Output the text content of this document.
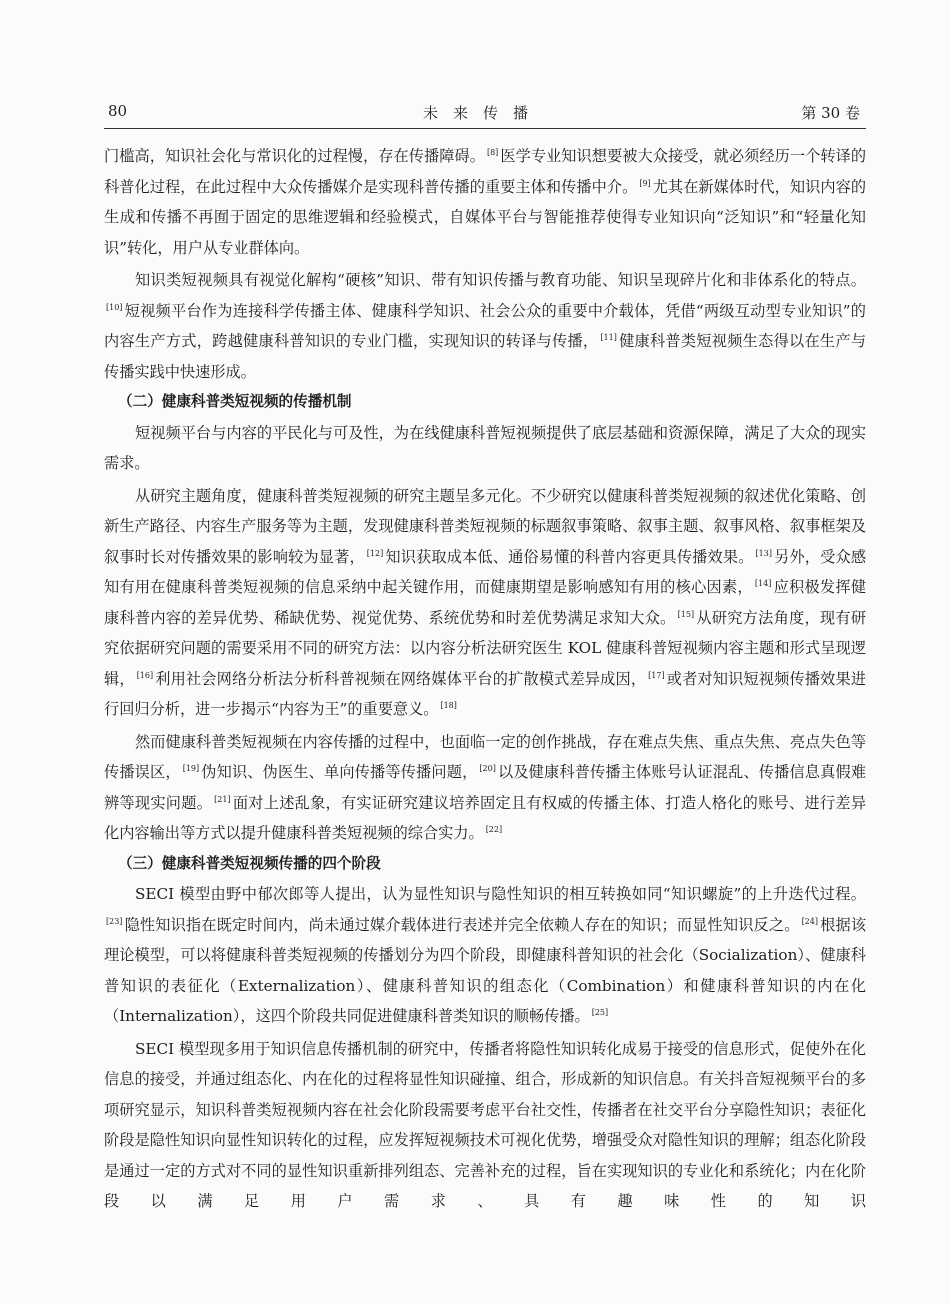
80	未来传播	第 30 卷

门槛高，知识社会化与常识化的过程慢，存在传播障碍。 [8] 医学专业知识想要被大众接受，就必须经历一个转译的科普化过程，在此过程中大众传播媒介是实现科普传播的重要主体和传播中介。 [9] 尤其在新媒体时代，知识内容的生成和传播不再囿于固定的思维逻辑和经验模式，自媒体平台与智能推荐使得专业知识向“泛知识”和“轻量化知识”转化，用户从专业群体向。

知识类短视频具有视觉化解构“硬核”知识、带有知识传播与教育功能、知识呈现碎片化和非体系化的特点。[10] 短视频平台作为连接科学传播主体、健康科学知识、社会公众的重要中介载体，凭借“两级互动型专业知识”的内容生产方式，跨越健康科普知识的专业门槛，实现知识的转译与传播， [11] 健康科普类短视频生态得以在生产与传播实践中快速形成。

（二）健康科普类短视频的传播机制

短视频平台与内容的平民化与可及性，为在线健康科普短视频提供了底层基础和资源保障，满足了大众的现实需求。

从研究主题角度，健康科普类短视频的研究主题呈多元化。不少研究以健康科普类短视频的叙述优化策略、创新生产路径、内容生产服务等为主题，发现健康科普类短视频的标题叙事策略、叙事主题、叙事风格、叙事框架及叙事时长对传播效果的影响较为显著， [12] 知识获取成本低、通俗易懂的科普内容更具传播效果。 [13] 另外，受众感知有用在健康科普类短视频的信息采纳中起关键作用，而健康期望是影响感知有用的核心因素， [14] 应积极发挥健康科普内容的差异优势、稀缺优势、视觉优势、系统优势和时差优势满足求知大众。 [15] 从研究方法角度，现有研究依据研究问题的需要采用不同的研究方法：以内容分析法研究医生 KOL 健康科普短视频内容主题和形式呈现逻辑， [16] 利用社会网络分析法分析科普视频在网络媒体平台的扩散模式差异成因， [17] 或者对知识短视频传播效果进行回归分析，进一步揭示“内容为王”的重要意义。 [18]

然而健康科普类短视频在内容传播的过程中，也面临一定的创作挑战，存在难点失焦、重点失焦、亮点失色等传播误区， [19] 伪知识、伪医生、单向传播等传播问题， [20] 以及健康科普传播主体账号认证混乱、传播信息真假难辨等现实问题。 [21] 面对上述乱象，有实证研究建议培养固定且有权威的传播主体、打造人格化的账号、进行差异化内容输出等方式以提升健康科普类短视频的综合实力。 [22]

（三）健康科普类短视频传播的四个阶段

SECI 模型由野中郁次郎等人提出，认为显性知识与隐性知识的相互转换如同“知识螺旋”的上升迭代过程。[23] 隐性知识指在既定时间内，尚未通过媒介载体进行表述并完全依赖人存在的知识；而显性知识反之。 [24] 根据该理论模型，可以将健康科普类短视频的传播划分为四个阶段，即健康科普知识的社会化（Socialization）、健康科普知识的表征化（Externalization）、健康科普知识的组态化（Combination）和健康科普知识的内在化（Internalization），这四个阶段共同促进健康科普类知识的顺畅传播。 [25]

SECI 模型现多用于知识信息传播机制的研究中，传播者将隐性知识转化成易于接受的信息形式，促使外在化信息的接受，并通过组态化、内在化的过程将显性知识碰撞、组合，形成新的知识信息。有关抖音短视频平台的多项研究显示，知识科普类短视频内容在社会化阶段需要考虑平台社交性，传播者在社交平台分享隐性知识；表征化阶段是隐性知识向显性知识转化的过程，应发挥短视频技术可视化优势，增强受众对隐性知识的理解；组态化阶段是通过一定的方式对不同的显性知识重新排列组态、完善补充的过程，旨在实现知识的专业化和系统化；内在化阶段以满足用户需求、具有趣味性的知识
